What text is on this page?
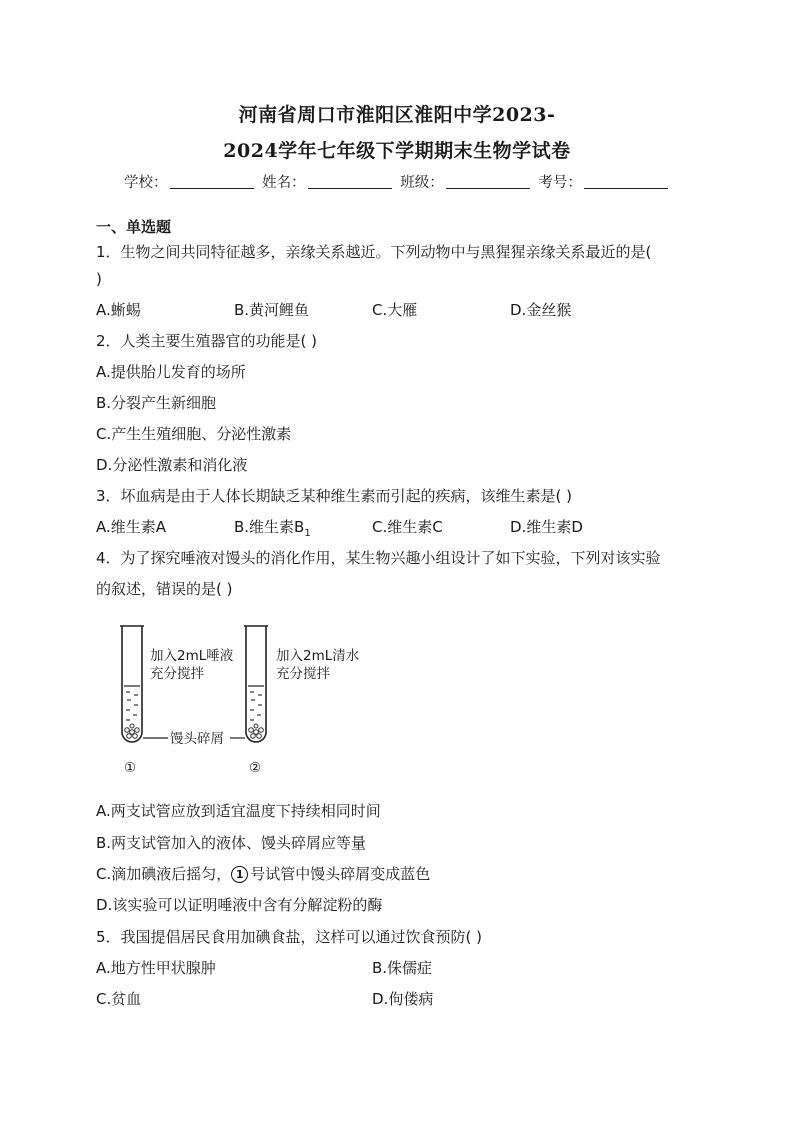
河南省周口市淮阳区淮阳中学2023-
2024学年七年级下学期期末生物学试卷
学校：	姓名：	班级：	考号：
一、单选题
1．生物之间共同特征越多，亲缘关系越近。下列动物中与黑猩猩亲缘关系最近的是(
)
A.蜥蜴	B.黄河鲤鱼	C.大雁	D.金丝猴
2．人类主要生殖器官的功能是( )
A.提供胎儿发育的场所
B.分裂产生新细胞
C.产生生殖细胞、分泌性激素
D.分泌性激素和消化液
3．坏血病是由于人体长期缺乏某种维生素而引起的疾病，该维生素是( )
A.维生素A	B.维生素$B_1$	C.维生素C	D.维生素D
4．为了探究唾液对馒头的消化作用，某生物兴趣小组设计了如下实验，下列对该实验
的叙述，错误的是( )
加入2mL唾液
充分搅拌
加入2mL清水
充分搅拌
馒头碎屑
①	②
A.两支试管应放到适宜温度下持续相同时间
B.两支试管加入的液体、馒头碎屑应等量
C.滴加碘液后摇匀， 1 号试管中馒头碎屑变成蓝色
D.该实验可以证明唾液中含有分解淀粉的酶
5．我国提倡居民食用加碘食盐，这样可以通过饮食预防( )
A.地方性甲状腺肿	B.侏儒症
C.贫血	D.佝偻病
